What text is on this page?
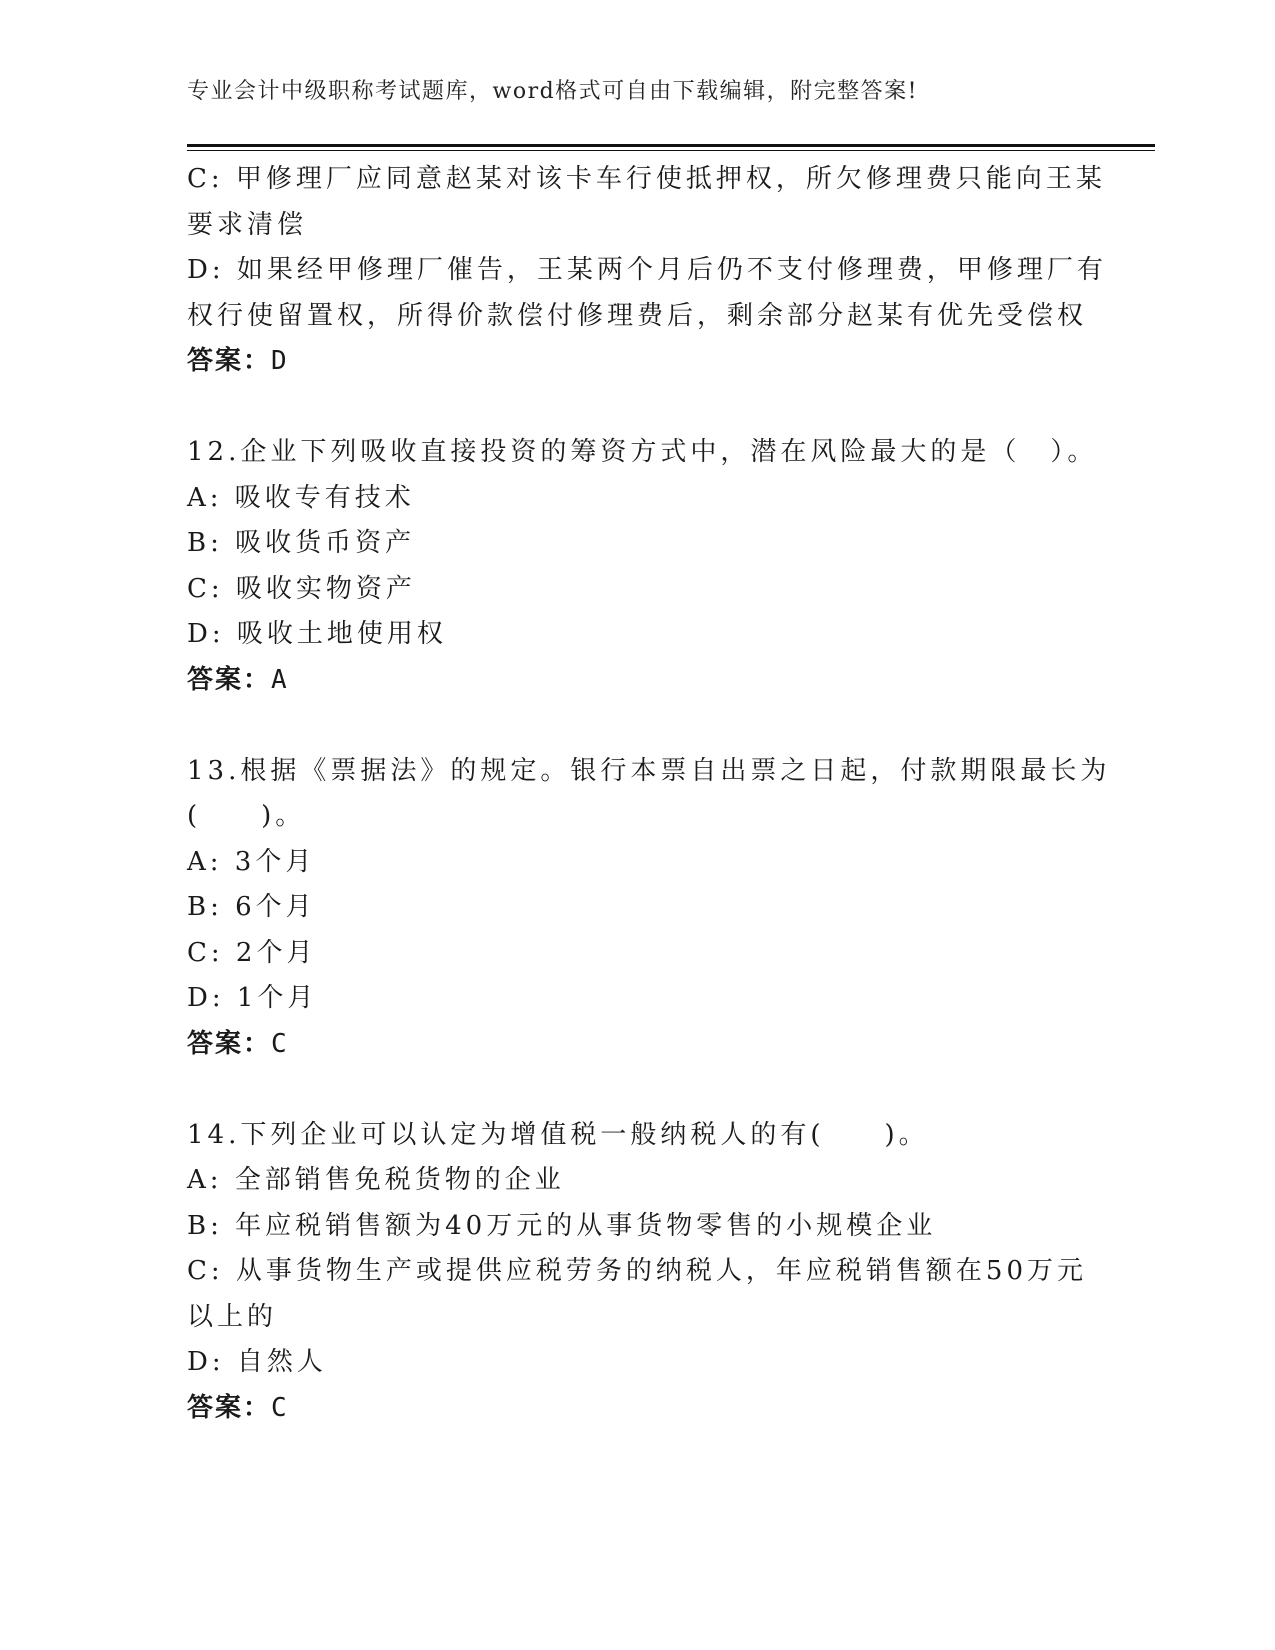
专业会计中级职称考试题库，word格式可自由下载编辑，附完整答案!
C: 甲修理厂应同意赵某对该卡车行使抵押权，所欠修理费只能向王某
要求清偿
D: 如果经甲修理厂催告，王某两个月后仍不支付修理费，甲修理厂有
权行使留置权，所得价款偿付修理费后，剩余部分赵某有优先受偿权
答案：D
12.企业下列吸收直接投资的筹资方式中，潜在风险最大的是（　）。
A: 吸收专有技术
B: 吸收货币资产
C: 吸收实物资产
D: 吸收土地使用权
答案：A
13.根据《票据法》的规定。银行本票自出票之日起，付款期限最长为
(　　)。
A: 3个月
B: 6个月
C: 2个月
D: 1个月
答案：C
14.下列企业可以认定为增值税一般纳税人的有(　　)。
A: 全部销售免税货物的企业
B: 年应税销售额为40万元的从事货物零售的小规模企业
C: 从事货物生产或提供应税劳务的纳税人，年应税销售额在50万元
以上的
D: 自然人
答案：C
